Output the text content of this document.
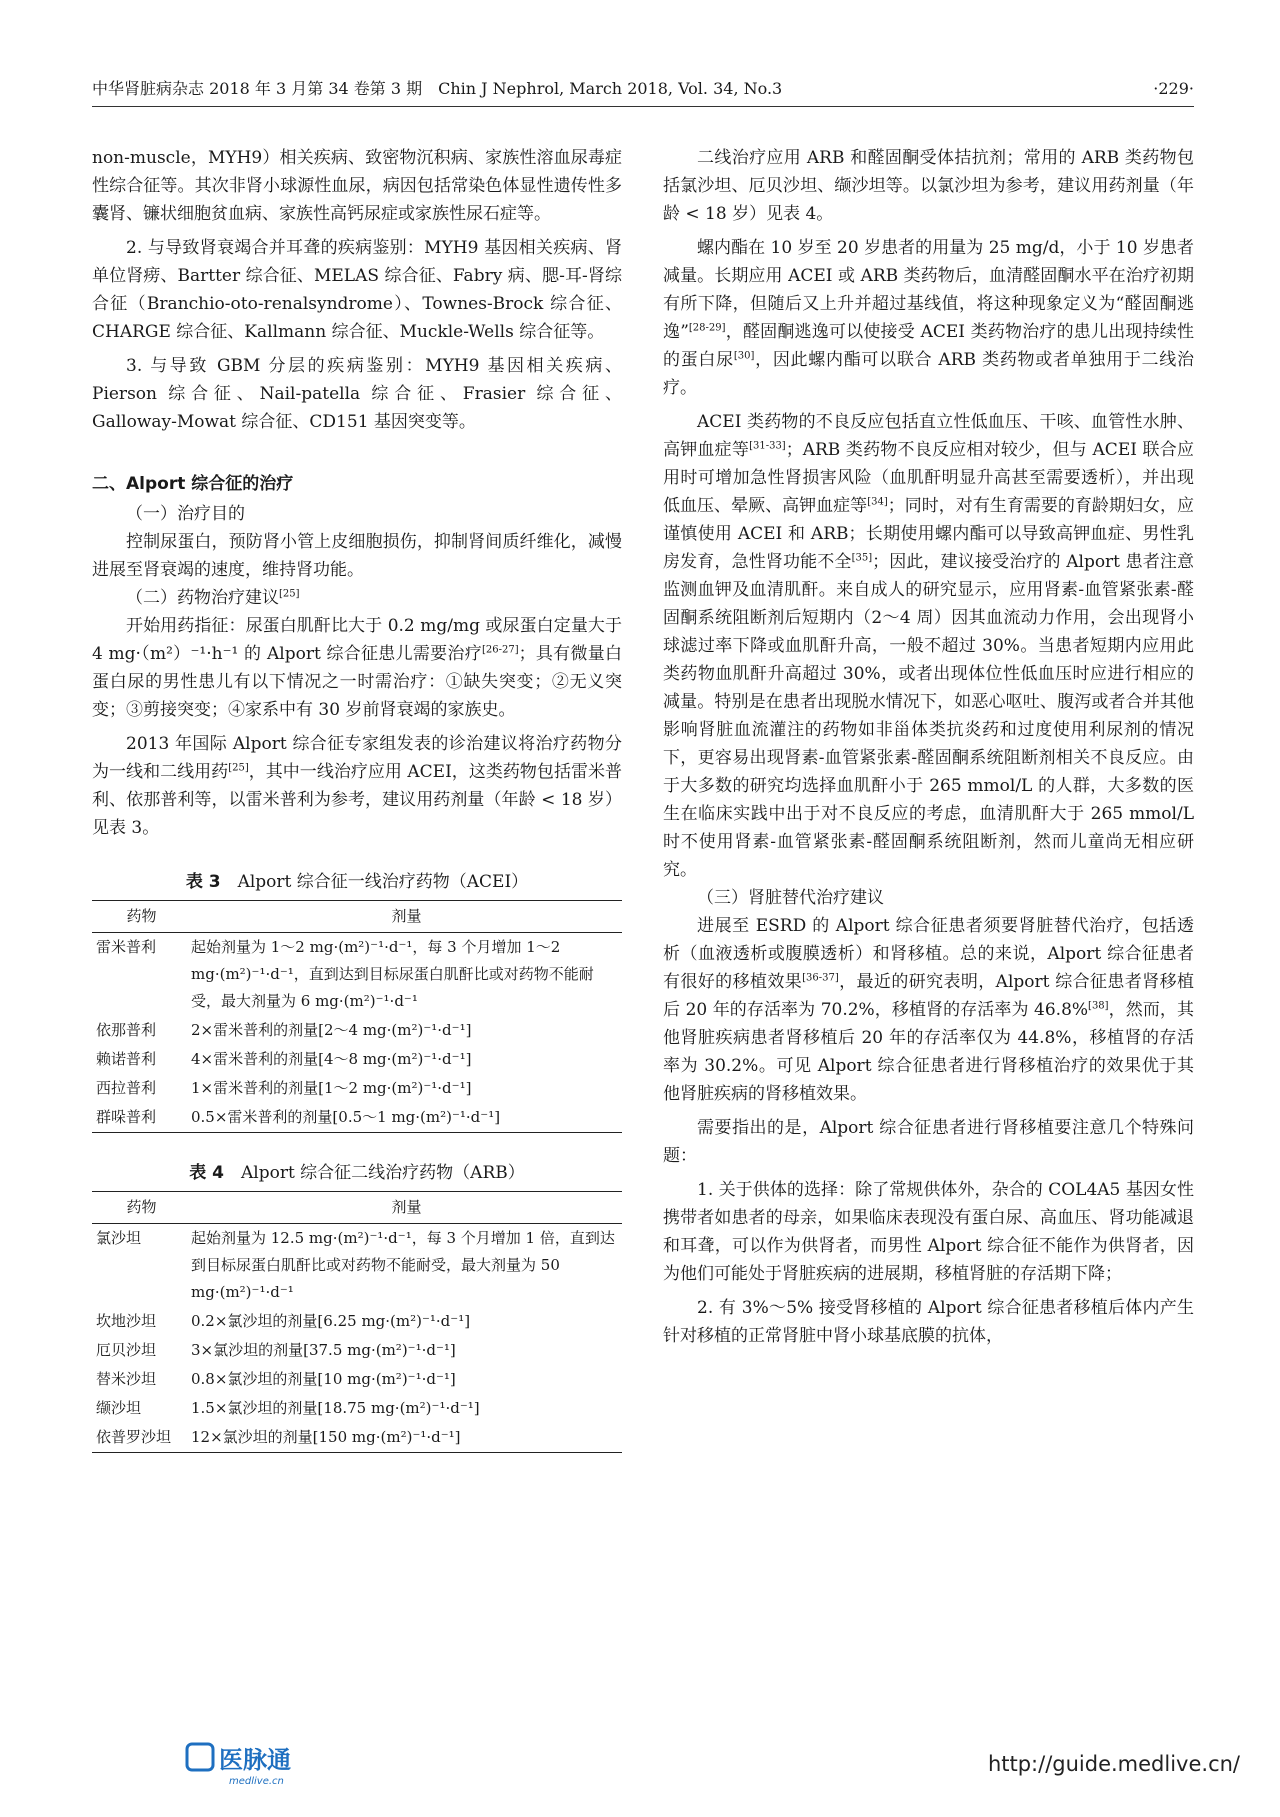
中华肾脏病杂志 2018 年 3 月第 34 卷第 3 期　Chin J Nephrol, March 2018, Vol. 34, No.3	·229·

non-muscle，MYH9）相关疾病、致密物沉积病、家族性溶血尿毒症性综合征等。其次非肾小球源性血尿，病因包括常染色体显性遗传性多囊肾、镰状细胞贫血病、家族性高钙尿症或家族性尿石症等。

2. 与导致肾衰竭合并耳聋的疾病鉴别：MYH9 基因相关疾病、肾单位肾痨、Bartter 综合征、MELAS 综合征、Fabry 病、腮-耳-肾综合征（Branchio-oto-renalsyndrome）、Townes-Brock 综合征、CHARGE 综合征、Kallmann 综合征、Muckle-Wells 综合征等。

3. 与导致 GBM 分层的疾病鉴别：MYH9 基因相关疾病、Pierson 综合征、Nail-patella 综合征、Frasier 综合征、Galloway-Mowat 综合征、CD151 基因突变等。

二、Alport 综合征的治疗

（一）治疗目的

控制尿蛋白，预防肾小管上皮细胞损伤，抑制肾间质纤维化，减慢进展至肾衰竭的速度，维持肾功能。

（二）药物治疗建议[25]

开始用药指征：尿蛋白肌酐比大于 0.2 mg/mg 或尿蛋白定量大于 4 mg·（m²）⁻¹·h⁻¹ 的 Alport 综合征患儿需要治疗[26-27]；具有微量白蛋白尿的男性患儿有以下情况之一时需治疗：①缺失突变；②无义突变；③剪接突变；④家系中有 30 岁前肾衰竭的家族史。

2013 年国际 Alport 综合征专家组发表的诊治建议将治疗药物分为一线和二线用药[25]，其中一线治疗应用 ACEI，这类药物包括雷米普利、依那普利等，以雷米普利为参考，建议用药剂量（年龄 < 18 岁）见表 3。

表 3　 Alport 综合征一线治疗药物（ACEI）
药物	剂量
雷米普利	起始剂量为 1～2 mg·(m²)⁻¹·d⁻¹，每 3 个月增加 1～2 mg·(m²)⁻¹·d⁻¹，直到达到目标尿蛋白肌酐比或对药物不能耐受，最大剂量为 6 mg·(m²)⁻¹·d⁻¹
依那普利	2×雷米普利的剂量[2～4 mg·(m²)⁻¹·d⁻¹]
赖诺普利	4×雷米普利的剂量[4～8 mg·(m²)⁻¹·d⁻¹]
西拉普利	1×雷米普利的剂量[1～2 mg·(m²)⁻¹·d⁻¹]
群哚普利	0.5×雷米普利的剂量[0.5～1 mg·(m²)⁻¹·d⁻¹]
表 4　 Alport 综合征二线治疗药物（ARB）
药物	剂量
氯沙坦	起始剂量为 12.5 mg·(m²)⁻¹·d⁻¹，每 3 个月增加 1 倍，直到达到目标尿蛋白肌酐比或对药物不能耐受，最大剂量为 50 mg·(m²)⁻¹·d⁻¹
坎地沙坦	0.2×氯沙坦的剂量[6.25 mg·(m²)⁻¹·d⁻¹]
厄贝沙坦	3×氯沙坦的剂量[37.5 mg·(m²)⁻¹·d⁻¹]
替米沙坦	0.8×氯沙坦的剂量[10 mg·(m²)⁻¹·d⁻¹]
缬沙坦	1.5×氯沙坦的剂量[18.75 mg·(m²)⁻¹·d⁻¹]
依普罗沙坦	12×氯沙坦的剂量[150 mg·(m²)⁻¹·d⁻¹]

二线治疗应用 ARB 和醛固酮受体拮抗剂；常用的 ARB 类药物包括氯沙坦、厄贝沙坦、缬沙坦等。以氯沙坦为参考，建议用药剂量（年龄 < 18 岁）见表 4。

螺内酯在 10 岁至 20 岁患者的用量为 25 mg/d，小于 10 岁患者减量。长期应用 ACEI 或 ARB 类药物后，血清醛固酮水平在治疗初期有所下降，但随后又上升并超过基线值，将这种现象定义为“醛固酮逃逸”[28-29]，醛固酮逃逸可以使接受 ACEI 类药物治疗的患儿出现持续性的蛋白尿[30]，因此螺内酯可以联合 ARB 类药物或者单独用于二线治疗。

ACEI 类药物的不良反应包括直立性低血压、干咳、血管性水肿、高钾血症等[31-33]；ARB 类药物不良反应相对较少，但与 ACEI 联合应用时可增加急性肾损害风险（血肌酐明显升高甚至需要透析），并出现低血压、晕厥、高钾血症等[34]；同时，对有生育需要的育龄期妇女，应谨慎使用 ACEI 和 ARB；长期使用螺内酯可以导致高钾血症、男性乳房发育，急性肾功能不全[35]；因此，建议接受治疗的 Alport 患者注意监测血钾及血清肌酐。来自成人的研究显示，应用肾素-血管紧张素-醛固酮系统阻断剂后短期内（2～4 周）因其血流动力作用，会出现肾小球滤过率下降或血肌酐升高，一般不超过 30%。当患者短期内应用此类药物血肌酐升高超过 30%，或者出现体位性低血压时应进行相应的减量。特别是在患者出现脱水情况下，如恶心呕吐、腹泻或者合并其他影响肾脏血流灌注的药物如非甾体类抗炎药和过度使用利尿剂的情况下，更容易出现肾素-血管紧张素-醛固酮系统阻断剂相关不良反应。由于大多数的研究均选择血肌酐小于 265 mmol/L 的人群，大多数的医生在临床实践中出于对不良反应的考虑，血清肌酐大于 265 mmol/L 时不使用肾素-血管紧张素-醛固酮系统阻断剂，然而儿童尚无相应研究。

（三）肾脏替代治疗建议

进展至 ESRD 的 Alport 综合征患者须要肾脏替代治疗，包括透析（血液透析或腹膜透析）和肾移植。总的来说，Alport 综合征患者有很好的移植效果[36-37]，最近的研究表明，Alport 综合征患者肾移植后 20 年的存活率为 70.2%，移植肾的存活率为 46.8%[38]，然而，其他肾脏疾病患者肾移植后 20 年的存活率仅为 44.8%，移植肾的存活率为 30.2%。可见 Alport 综合征患者进行肾移植治疗的效果优于其他肾脏疾病的肾移植效果。

需要指出的是，Alport 综合征患者进行肾移植要注意几个特殊问题：

1. 关于供体的选择：除了常规供体外，杂合的 COL4A5 基因女性携带者如患者的母亲，如果临床表现没有蛋白尿、高血压、肾功能减退和耳聋，可以作为供肾者，而男性 Alport 综合征不能作为供肾者，因为他们可能处于肾脏疾病的进展期，移植肾脏的存活期下降；

2. 有 3%～5% 接受肾移植的 Alport 综合征患者移植后体内产生针对移植的正常肾脏中肾小球基底膜的抗体，

医脉通
medlive.cn
http://guide.medlive.cn/
